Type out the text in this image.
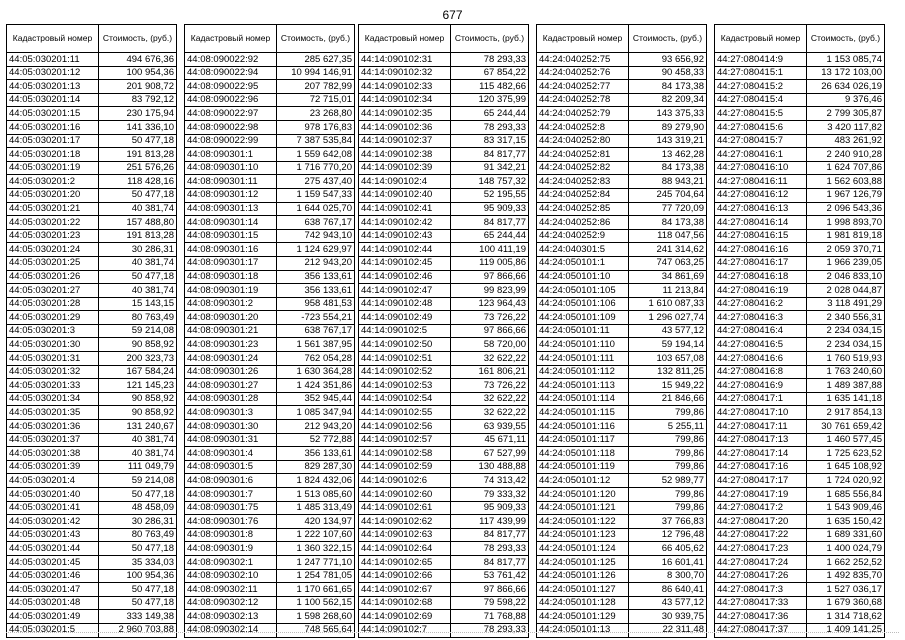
677
Кадастровый номер	Стоимость, (руб.)
44:05:030201:11	494 676,36
44:05:030201:12	100 954,36
44:05:030201:13	201 908,72
44:05:030201:14	83 792,12
44:05:030201:15	230 175,94
44:05:030201:16	141 336,10
44:05:030201:17	50 477,18
44:05:030201:18	191 813,28
44:05:030201:19	251 576,26
44:05:030201:2	118 428,16
44:05:030201:20	50 477,18
44:05:030201:21	40 381,74
44:05:030201:22	157 488,80
44:05:030201:23	191 813,28
44:05:030201:24	30 286,31
44:05:030201:25	40 381,74
44:05:030201:26	50 477,18
44:05:030201:27	40 381,74
44:05:030201:28	15 143,15
44:05:030201:29	80 763,49
44:05:030201:3	59 214,08
44:05:030201:30	90 858,92
44:05:030201:31	200 323,73
44:05:030201:32	167 584,24
44:05:030201:33	121 145,23
44:05:030201:34	90 858,92
44:05:030201:35	90 858,92
44:05:030201:36	131 240,67
44:05:030201:37	40 381,74
44:05:030201:38	40 381,74
44:05:030201:39	111 049,79
44:05:030201:4	59 214,08
44:05:030201:40	50 477,18
44:05:030201:41	48 458,09
44:05:030201:42	30 286,31
44:05:030201:43	80 763,49
44:05:030201:44	50 477,18
44:05:030201:45	35 334,03
44:05:030201:46	100 954,36
44:05:030201:47	50 477,18
44:05:030201:48	50 477,18
44:05:030201:49	333 149,38
44:05:030201:5	2 960 703,88
Кадастровый номер	Стоимость, (руб.)
44:08:090022:92	285 627,35
44:08:090022:94	10 994 146,91
44:08:090022:95	207 782,99
44:08:090022:96	72 715,01
44:08:090022:97	23 268,80
44:08:090022:98	978 176,83
44:08:090022:99	7 387 535,84
44:08:090301:1	1 559 642,08
44:08:090301:10	1 716 770,20
44:08:090301:11	275 437,40
44:08:090301:12	1 159 547,33
44:08:090301:13	1 644 025,70
44:08:090301:14	638 767,17
44:08:090301:15	742 943,10
44:08:090301:16	1 124 629,97
44:08:090301:17	212 943,20
44:08:090301:18	356 133,61
44:08:090301:19	356 133,61
44:08:090301:2	958 481,53
44:08:090301:20	-723 554,21
44:08:090301:21	638 767,17
44:08:090301:23	1 561 387,95
44:08:090301:24	762 054,28
44:08:090301:26	1 630 364,28
44:08:090301:27	1 424 351,86
44:08:090301:28	352 945,44
44:08:090301:3	1 085 347,94
44:08:090301:30	212 943,20
44:08:090301:31	52 772,88
44:08:090301:4	356 133,61
44:08:090301:5	829 287,30
44:08:090301:6	1 824 432,06
44:08:090301:7	1 513 085,60
44:08:090301:75	1 485 313,49
44:08:090301:76	420 134,97
44:08:090301:8	1 222 107,60
44:08:090301:9	1 360 322,15
44:08:090302:1	1 247 771,10
44:08:090302:10	1 254 781,05
44:08:090302:11	1 170 661,65
44:08:090302:12	1 100 562,15
44:08:090302:13	1 598 268,60
44:08:090302:14	748 565,64
Кадастровый номер	Стоимость, (руб.)
44:14:090102:31	78 293,33
44:14:090102:32	67 854,22
44:14:090102:33	115 482,66
44:14:090102:34	120 375,99
44:14:090102:35	65 244,44
44:14:090102:36	78 293,33
44:14:090102:37	83 317,15
44:14:090102:38	84 817,77
44:14:090102:39	91 342,21
44:14:090102:4	148 757,32
44:14:090102:40	52 195,55
44:14:090102:41	95 909,33
44:14:090102:42	84 817,77
44:14:090102:43	65 244,44
44:14:090102:44	100 411,19
44:14:090102:45	119 005,86
44:14:090102:46	97 866,66
44:14:090102:47	99 823,99
44:14:090102:48	123 964,43
44:14:090102:49	73 726,22
44:14:090102:5	97 866,66
44:14:090102:50	58 720,00
44:14:090102:51	32 622,22
44:14:090102:52	161 806,21
44:14:090102:53	73 726,22
44:14:090102:54	32 622,22
44:14:090102:55	32 622,22
44:14:090102:56	63 939,55
44:14:090102:57	45 671,11
44:14:090102:58	67 527,99
44:14:090102:59	130 488,88
44:14:090102:6	74 313,42
44:14:090102:60	79 333,32
44:14:090102:61	95 909,33
44:14:090102:62	117 439,99
44:14:090102:63	84 817,77
44:14:090102:64	78 293,33
44:14:090102:65	84 817,77
44:14:090102:66	53 761,42
44:14:090102:67	97 866,66
44:14:090102:68	79 598,22
44:14:090102:69	71 768,88
44:14:090102:7	78 293,33
Кадастровый номер	Стоимость, (руб.)
44:24:040252:75	93 656,92
44:24:040252:76	90 458,33
44:24:040252:77	84 173,38
44:24:040252:78	82 209,34
44:24:040252:79	143 375,33
44:24:040252:8	89 279,90
44:24:040252:80	143 319,21
44:24:040252:81	13 462,28
44:24:040252:82	84 173,38
44:24:040252:83	88 943,21
44:24:040252:84	245 704,64
44:24:040252:85	77 720,09
44:24:040252:86	84 173,38
44:24:040252:9	118 047,56
44:24:040301:5	241 314,62
44:24:050101:1	747 063,25
44:24:050101:10	34 861,69
44:24:050101:105	11 213,84
44:24:050101:106	1 610 087,33
44:24:050101:109	1 296 027,74
44:24:050101:11	43 577,12
44:24:050101:110	59 194,14
44:24:050101:111	103 657,08
44:24:050101:112	132 811,25
44:24:050101:113	15 949,22
44:24:050101:114	21 846,66
44:24:050101:115	799,86
44:24:050101:116	5 255,11
44:24:050101:117	799,86
44:24:050101:118	799,86
44:24:050101:119	799,86
44:24:050101:12	52 989,77
44:24:050101:120	799,86
44:24:050101:121	799,86
44:24:050101:122	37 766,83
44:24:050101:123	12 796,48
44:24:050101:124	66 405,62
44:24:050101:125	16 601,41
44:24:050101:126	8 300,70
44:24:050101:127	86 640,41
44:24:050101:128	43 577,12
44:24:050101:129	30 939,75
44:24:050101:13	22 311,48
Кадастровый номер	Стоимость, (руб.)
44:27:080414:9	1 153 085,74
44:27:080415:1	13 172 103,00
44:27:080415:2	26 634 026,19
44:27:080415:4	9 376,46
44:27:080415:5	2 799 305,87
44:27:080415:6	3 420 117,82
44:27:080415:7	483 261,92
44:27:080416:1	2 240 910,28
44:27:080416:10	1 624 707,86
44:27:080416:11	1 562 603,88
44:27:080416:12	1 967 126,79
44:27:080416:13	2 096 543,36
44:27:080416:14	1 998 893,70
44:27:080416:15	1 981 819,18
44:27:080416:16	2 059 370,71
44:27:080416:17	1 966 239,05
44:27:080416:18	2 046 833,10
44:27:080416:19	2 028 044,87
44:27:080416:2	3 118 491,29
44:27:080416:3	2 340 556,31
44:27:080416:4	2 234 034,15
44:27:080416:5	2 234 034,15
44:27:080416:6	1 760 519,93
44:27:080416:8	1 763 240,60
44:27:080416:9	1 489 387,88
44:27:080417:1	1 635 141,18
44:27:080417:10	2 917 854,13
44:27:080417:11	30 761 659,42
44:27:080417:13	1 460 577,45
44:27:080417:14	1 725 623,52
44:27:080417:16	1 645 108,92
44:27:080417:17	1 724 020,92
44:27:080417:19	1 685 556,84
44:27:080417:2	1 543 909,46
44:27:080417:20	1 635 150,42
44:27:080417:22	1 689 331,60
44:27:080417:23	1 400 024,79
44:27:080417:24	1 662 252,52
44:27:080417:26	1 492 835,70
44:27:080417:3	1 527 036,17
44:27:080417:33	1 679 360,68
44:27:080417:36	1 314 718,62
44:27:080417:37	1 409 141,25
